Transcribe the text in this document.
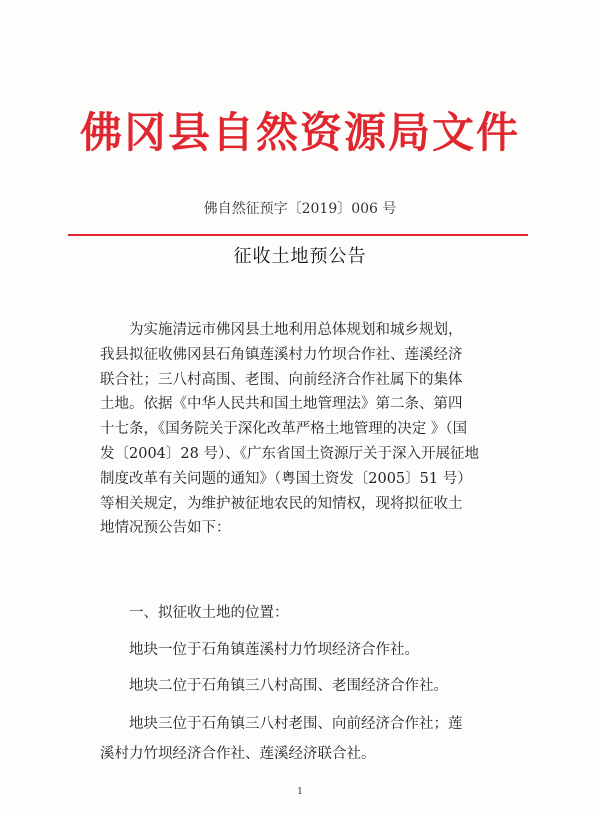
佛冈县自然资源局文件
佛自然征预字〔2019〕006 号
征收土地预公告
　　为实施清远市佛冈县土地利用总体规划和城乡规划，
我县拟征收佛冈县石角镇莲溪村力竹坝合作社、莲溪经济
联合社；三八村高围、老围、向前经济合作社属下的集体
土地。依据《中华人民共和国土地管理法》第二条、第四
十七条，《国务院关于深化改革严格土地管理的决定 》（国
发〔2004〕28 号）、《广东省国土资源厅关于深入开展征地
制度改革有关问题的通知》（粤国土资发〔2005〕51 号）
等相关规定，为维护被征地农民的知情权，现将拟征收土
地情况预公告如下：
　　一、拟征收土地的位置：
　　地块一位于石角镇莲溪村力竹坝经济合作社。
　　地块二位于石角镇三八村高围、老围经济合作社。
　　地块三位于石角镇三八村老围、向前经济合作社；莲
溪村力竹坝经济合作社、莲溪经济联合社。
1
